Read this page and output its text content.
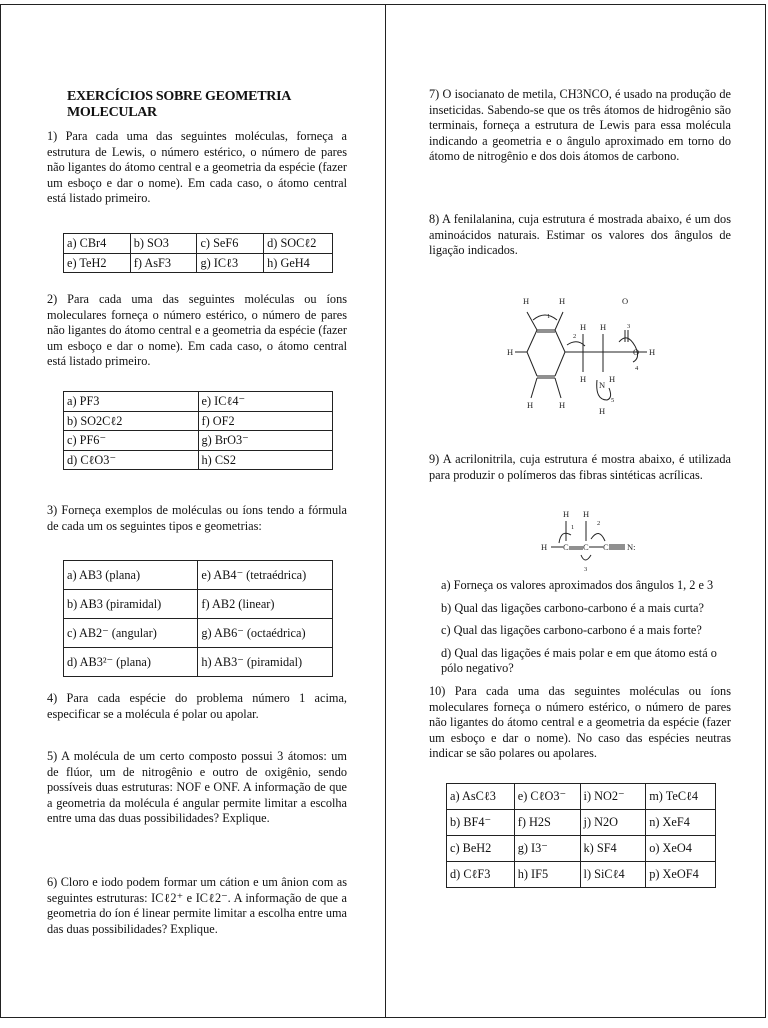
EXERCÍCIOS SOBRE GEOMETRIA MOLECULAR
1) Para cada uma das seguintes moléculas, forneça a estrutura de Lewis, o número estérico, o número de pares não ligantes do átomo central e a geometria da espécie (fazer um esboço e dar o nome). Em cada caso, o átomo central está listado primeiro.
a) CBr4	b) SO3	c) SeF6	d) SOCℓ2
e) TeH2	f) AsF3	g) ICℓ3	h) GeH4
2) Para cada uma das seguintes moléculas ou íons moleculares forneça o número estérico, o número de pares não ligantes do átomo central e a geometria da espécie (fazer um esboço e dar o nome). Em cada caso, o átomo central está listado primeiro.
a) PF3	e) ICℓ4⁻
b) SO2Cℓ2	f) OF2
c) PF6⁻	g) BrO3⁻
d) CℓO3⁻	h) CS2
3) Forneça exemplos de moléculas ou íons tendo a fórmula de cada um os seguintes tipos e geometrias:
a) AB3 (plana)	e) AB4⁻ (tetraédrica)
b) AB3 (piramidal)	f) AB2 (linear)
c) AB2⁻ (angular)	g) AB6⁻ (octaédrica)
d) AB3²⁻ (plana)	h) AB3⁻ (piramidal)
4) Para cada espécie do problema número 1 acima, especificar se a molécula é polar ou apolar.
5) A molécula de um certo composto possui 3 átomos: um de flúor, um de nitrogênio e outro de oxigênio, sendo possíveis duas estruturas: NOF e ONF. A informação de que a geometria da molécula é angular permite limitar a escolha entre uma das duas possibilidades? Explique.
6) Cloro e iodo podem formar um cátion e um ânion com as seguintes estruturas: ICℓ2⁺ e ICℓ2⁻. A informação de que a geometria do íon é linear permite limitar a escolha entre uma das duas possibilidades? Explique.
7) O isocianato de metila, CH3NCO, é usado na produção de inseticidas. Sabendo-se que os três átomos de hidrogênio são terminais, forneça a estrutura de Lewis para essa molécula indicando a geometria e o ângulo aproximado em torno do átomo de nitrogênio e dos dois átomos de carbono.
8) A fenilalanina, cuja estrutura é mostrada abaixo, é um dos aminoácidos naturais. Estimar os valores dos ângulos de ligação indicados.
H	H
H
H	H
H H
O
H
O
H	H
N
H
1
2
3
4
5
9) A acrilonitrila, cuja estrutura é mostra abaixo, é utilizada para produzir o polímeros das fibras sintéticas acrílicas.
H H
H C C C N:
1
2
3
a) Forneça os valores aproximados dos ângulos 1, 2 e 3
b) Qual das ligações carbono-carbono é a mais curta?
c) Qual das ligações carbono-carbono é a mais forte?
d) Qual das ligações é mais polar e em que átomo está o pólo negativo?
10) Para cada uma das seguintes moléculas ou íons moleculares forneça o número estérico, o número de pares não ligantes do átomo central e a geometria da espécie (fazer um esboço e dar o nome). No caso das espécies neutras indicar se são polares ou apolares.
a) AsCℓ3	e) CℓO3⁻	i) NO2⁻	m) TeCℓ4
b) BF4⁻	f) H2S	j) N2O	n) XeF4
c) BeH2	g) I3⁻	k) SF4	o) XeO4
d) CℓF3	h) IF5	l) SiCℓ4	p) XeOF4
